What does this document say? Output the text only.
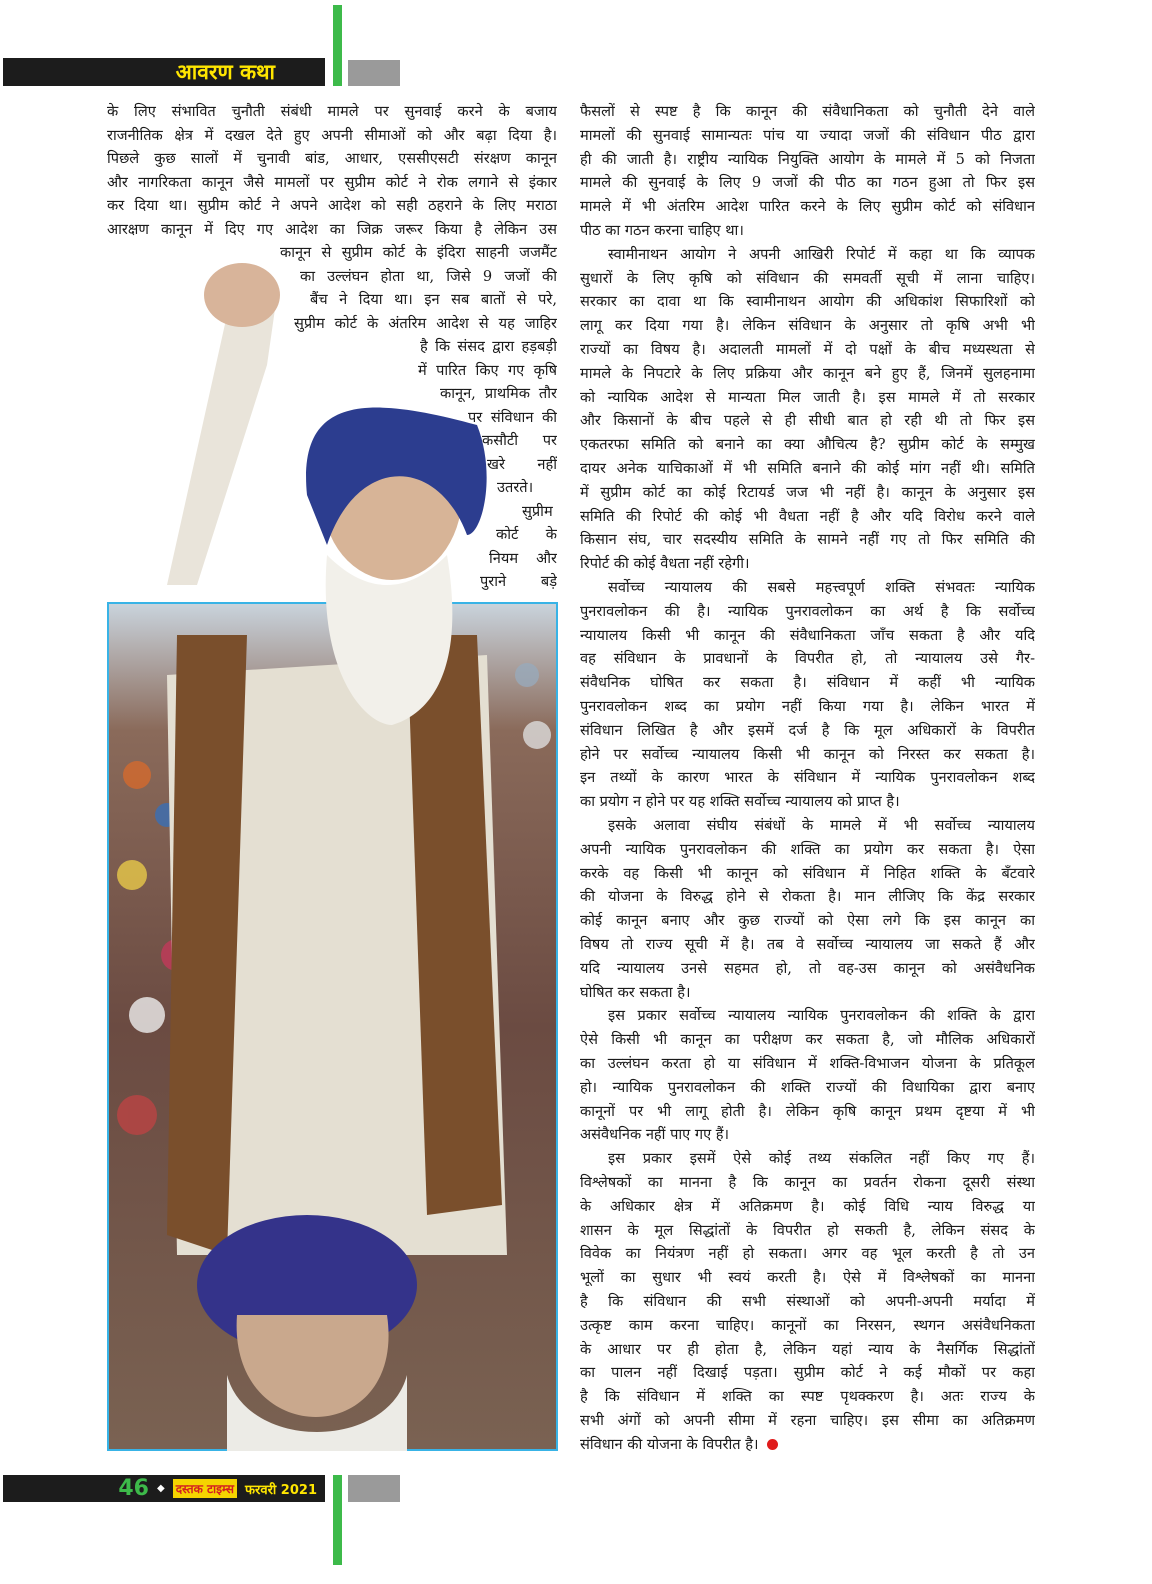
आवरण कथा
के लिए संभावित चुनौती संबंधी मामले पर सुनवाई करने के बजाय
राजनीतिक क्षेत्र में दखल देते हुए अपनी सीमाओं को और बढ़ा दिया है।
पिछले कुछ सालों में चुनावी बांड, आधार, एससीएसटी संरक्षण कानून
और नागरिकता कानून जैसे मामलों पर सुप्रीम कोर्ट ने रोक लगाने से इंकार
कर दिया था। सुप्रीम कोर्ट ने अपने आदेश को सही ठहराने के लिए मराठा
आरक्षण कानून में दिए गए आदेश का जिक्र जरूर किया है लेकिन उस
कानून से सुप्रीम कोर्ट के इंदिरा साहनी जजमैंट
का उल्लंघन होता था, जिसे 9 जजों की
बैंच ने दिया था। इन सब बातों से परे,
सुप्रीम कोर्ट के अंतरिम आदेश से यह जाहिर
है कि संसद द्वारा हड़बड़ी
में पारित किए गए कृषि
कानून, प्राथमिक तौर
पर संविधान की
कसौटी पर
खरे नहीं
उतरते।
सुप्रीम
कोर्ट के
नियम और
पुराने बड़े
फैसलों से स्पष्ट है कि कानून की संवैधानिकता को चुनौती देने वाले
मामलों की सुनवाई सामान्यतः पांच या ज्यादा जजों की संविधान पीठ द्वारा
ही की जाती है। राष्ट्रीय न्यायिक नियुक्ति आयोग के मामले में 5 को निजता
मामले की सुनवाई के लिए 9 जजों की पीठ का गठन हुआ तो फिर इस
मामले में भी अंतरिम आदेश पारित करने के लिए सुप्रीम कोर्ट को संविधान
पीठ का गठन करना चाहिए था।
स्वामीनाथन आयोग ने अपनी आखिरी रिपोर्ट में कहा था कि व्यापक
सुधारों के लिए कृषि को संविधान की समवर्ती सूची में लाना चाहिए।
सरकार का दावा था कि स्वामीनाथन आयोग की अधिकांश सिफारिशों को
लागू कर दिया गया है। लेकिन संविधान के अनुसार तो कृषि अभी भी
राज्यों का विषय है। अदालती मामलों में दो पक्षों के बीच मध्यस्थता से
मामले के निपटारे के लिए प्रक्रिया और कानून बने हुए हैं, जिनमें सुलहनामा
को न्यायिक आदेश से मान्यता मिल जाती है। इस मामले में तो सरकार
और किसानों के बीच पहले से ही सीधी बात हो रही थी तो फिर इस
एकतरफा समिति को बनाने का क्या औचित्य है? सुप्रीम कोर्ट के सम्मुख
दायर अनेक याचिकाओं में भी समिति बनाने की कोई मांग नहीं थी। समिति
में सुप्रीम कोर्ट का कोई रिटायर्ड जज भी नहीं है। कानून के अनुसार इस
समिति की रिपोर्ट की कोई भी वैधता नहीं है और यदि विरोध करने वाले
किसान संघ, चार सदस्यीय समिति के सामने नहीं गए तो फिर समिति की
रिपोर्ट की कोई वैधता नहीं रहेगी।
सर्वोच्च न्यायालय की सबसे महत्त्वपूर्ण शक्ति संभवतः न्यायिक
पुनरावलोकन की है। न्यायिक पुनरावलोकन का अर्थ है कि सर्वोच्च
न्यायालय किसी भी कानून की संवैधानिकता जाँच सकता है और यदि
वह संविधान के प्रावधानों के विपरीत हो, तो न्यायालय उसे गैर-
संवैधनिक घोषित कर सकता है। संविधान में कहीं भी न्यायिक
पुनरावलोकन शब्द का प्रयोग नहीं किया गया है। लेकिन भारत में
संविधान लिखित है और इसमें दर्ज है कि मूल अधिकारों के विपरीत
होने पर सर्वोच्च न्यायालय किसी भी कानून को निरस्त कर सकता है।
इन तथ्यों के कारण भारत के संविधान में न्यायिक पुनरावलोकन शब्द
का प्रयोग न होने पर यह शक्ति सर्वोच्च न्यायालय को प्राप्त है।
इसके अलावा संघीय संबंधों के मामले में भी सर्वोच्च न्यायालय
अपनी न्यायिक पुनरावलोकन की शक्ति का प्रयोग कर सकता है। ऐसा
करके वह किसी भी कानून को संविधान में निहित शक्ति के बँटवारे
की योजना के विरुद्ध होने से रोकता है। मान लीजिए कि केंद्र सरकार
कोई कानून बनाए और कुछ राज्यों को ऐसा लगे कि इस कानून का
विषय तो राज्य सूची में है। तब वे सर्वोच्च न्यायालय जा सकते हैं और
यदि न्यायालय उनसे सहमत हो, तो वह-उस कानून को असंवैधनिक
घोषित कर सकता है।
इस प्रकार सर्वोच्च न्यायालय न्यायिक पुनरावलोकन की शक्ति के द्वारा
ऐसे किसी भी कानून का परीक्षण कर सकता है, जो मौलिक अधिकारों
का उल्लंघन करता हो या संविधान में शक्ति-विभाजन योजना के प्रतिकूल
हो। न्यायिक पुनरावलोकन की शक्ति राज्यों की विधायिका द्वारा बनाए
कानूनों पर भी लागू होती है। लेकिन कृषि कानून प्रथम दृष्टया में भी
असंवैधनिक नहीं पाए गए हैं।
इस प्रकार इसमें ऐसे कोई तथ्य संकलित नहीं किए गए हैं।
विश्लेषकों का मानना है कि कानून का प्रवर्तन रोकना दूसरी संस्था
के अधिकार क्षेत्र में अतिक्रमण है। कोई विधि न्याय विरुद्ध या
शासन के मूल सिद्धांतों के विपरीत हो सकती है, लेकिन संसद के
विवेक का नियंत्रण नहीं हो सकता। अगर वह भूल करती है तो उन
भूलों का सुधार भी स्वयं करती है। ऐसे में विश्लेषकों का मानना
है कि संविधान की सभी संस्थाओं को अपनी-अपनी मर्यादा में
उत्कृष्ट काम करना चाहिए। कानूनों का निरसन, स्थगन असंवैधनिकता
के आधार पर ही होता है, लेकिन यहां न्याय के नैसर्गिक सिद्धांतों
का पालन नहीं दिखाई पड़ता। सुप्रीम कोर्ट ने कई मौकों पर कहा
है कि संविधान में शक्ति का स्पष्ट पृथक्करण है। अतः राज्य के
सभी अंगों को अपनी सीमा में रहना चाहिए। इस सीमा का अतिक्रमण
संविधान की योजना के विपरीत है।
46 ◆ दस्तक टाइम्स फरवरी 2021
